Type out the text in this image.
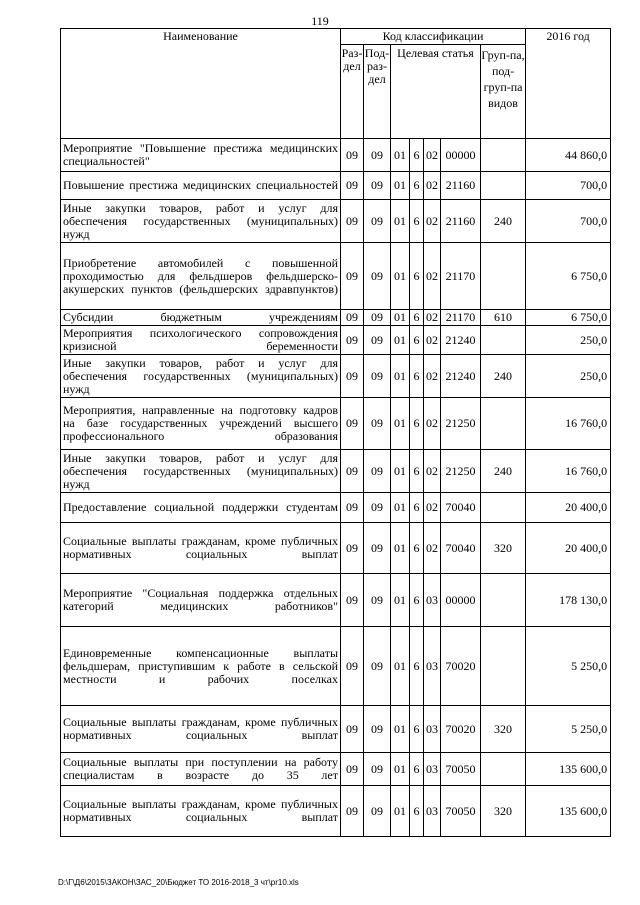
119
Наименование	Код классификации							2016 год
	Раз-дел	Под-раз-дел	Целевая статья				Груп-па, под-груп-па видов	
Мероприятие "Повышение престижа медицинских специальностей"	09	09	01	6	02	00000		44 860,0
Повышение престижа медицинских специальностей	09	09	01	6	02	21160		700,0
Иные закупки товаров, работ и услуг для обеспечения государственных (муниципальных) нужд	09	09	01	6	02	21160	240	700,0
Приобретение автомобилей с повышенной проходимостью для фельдшеров фельдшерско-акушерских пунктов (фельдшерских здравпунктов)	09	09	01	6	02	21170		6 750,0
Субсидии бюджетным учреждениям	09	09	01	6	02	21170	610	6 750,0
Мероприятия психологического сопровождения кризисной беременности	09	09	01	6	02	21240		250,0
Иные закупки товаров, работ и услуг для обеспечения государственных (муниципальных) нужд	09	09	01	6	02	21240	240	250,0
Мероприятия, направленные на подготовку кадров на базе государственных учреждений высшего профессионального образования	09	09	01	6	02	21250		16 760,0
Иные закупки товаров, работ и услуг для обеспечения государственных (муниципальных) нужд	09	09	01	6	02	21250	240	16 760,0
Предоставление социальной поддержки студентам	09	09	01	6	02	70040		20 400,0
Социальные выплаты гражданам, кроме публичных нормативных социальных выплат	09	09	01	6	02	70040	320	20 400,0
Мероприятие "Социальная поддержка отдельных категорий медицинских работников"	09	09	01	6	03	00000		178 130,0
Единовременные компенсационные выплаты фельдшерам, приступившим к работе в сельской местности и рабочих поселках	09	09	01	6	03	70020		5 250,0
Социальные выплаты гражданам, кроме публичных нормативных социальных выплат	09	09	01	6	03	70020	320	5 250,0
Социальные выплаты при поступлении на работу специалистам в возрасте до 35 лет	09	09	01	6	03	70050		135 600,0
Социальные выплаты гражданам, кроме публичных нормативных социальных выплат	09	09	01	6	03	70050	320	135 600,0
D:\Г\Д6\2015\ЗАКОН\ЗАС_20\Бюджет ТО 2016-2018_3 чт\pr10.xls
